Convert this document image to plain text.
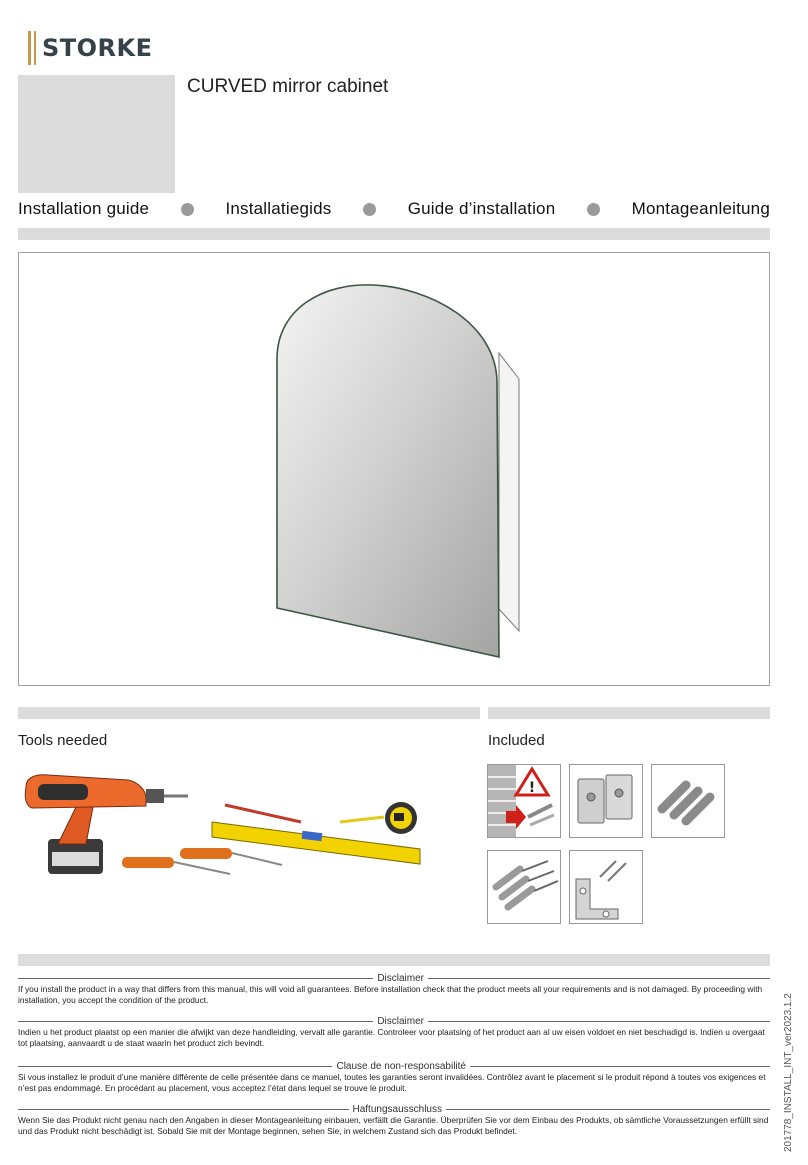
STORKE
CURVED mirror cabinet
Installation guide	Installatiegids	Guide d’installation	Montageanleitung
Tools needed	Included
!
Disclaimer
If you install the product in a way that differs from this manual, this will void all guarantees. Before installation check that the product meets all your requirements and is not damaged. By proceeding with installation, you accept the condition of the product.
Disclaimer
Indien u het product plaatst op een manier die afwijkt van deze handleiding, vervalt alle garantie. Controleer voor plaatsing of het product aan al uw eisen voldoet en niet beschadigd is. Indien u overgaat tot plaatsing, aanvaardt u de staat waarin het product zich bevindt.
Clause de non-responsabilité
Si vous installez le produit d’une manière différente de celle présentée dans ce manuel, toutes les garanties seront invalidées. Contrôlez avant le placement si le produit répond à toutes vos exigences et n’est pas endommagé. En procédant au placement, vous acceptez l’état dans lequel se trouve le produit.
Haftungsausschluss
Wenn Sie das Produkt nicht genau nach den Angaben in dieser Montageanleitung einbauen, verfällt die Garantie. Überprüfen Sie vor dem Einbau des Produkts, ob sämtliche Voraussetzungen erfüllt sind und das Produkt nicht beschädigt ist. Sobald Sie mit der Montage beginnen, sehen Sie, in welchem Zustand sich das Produkt befindet.	201778_INSTALL_INT_ver2023.1.2
